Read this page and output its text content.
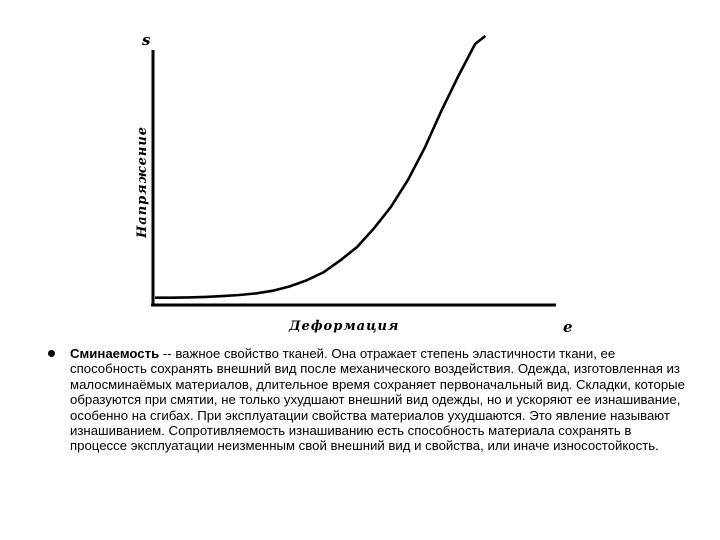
s
e
Деформация
Напряжение
Сминаемость -- важное свойство тканей. Она отражает степень эластичности ткани, ее способность сохранять внешний вид после механического воздействия. Одежда, изготовленная из малосминаёмых материалов, длительное время сохраняет первоначальный вид. Складки, которые образуются при смятии, не только ухудшают внешний вид одежды, но и ускоряют ее изнашивание, особенно на сгибах. При эксплуатации свойства материалов ухудшаются. Это явление называют изнашиванием. Сопротивляемость изнашиванию есть способность материала сохранять в процессе эксплуатации неизменным свой внешний вид и свойства, или иначе износостойкость.
